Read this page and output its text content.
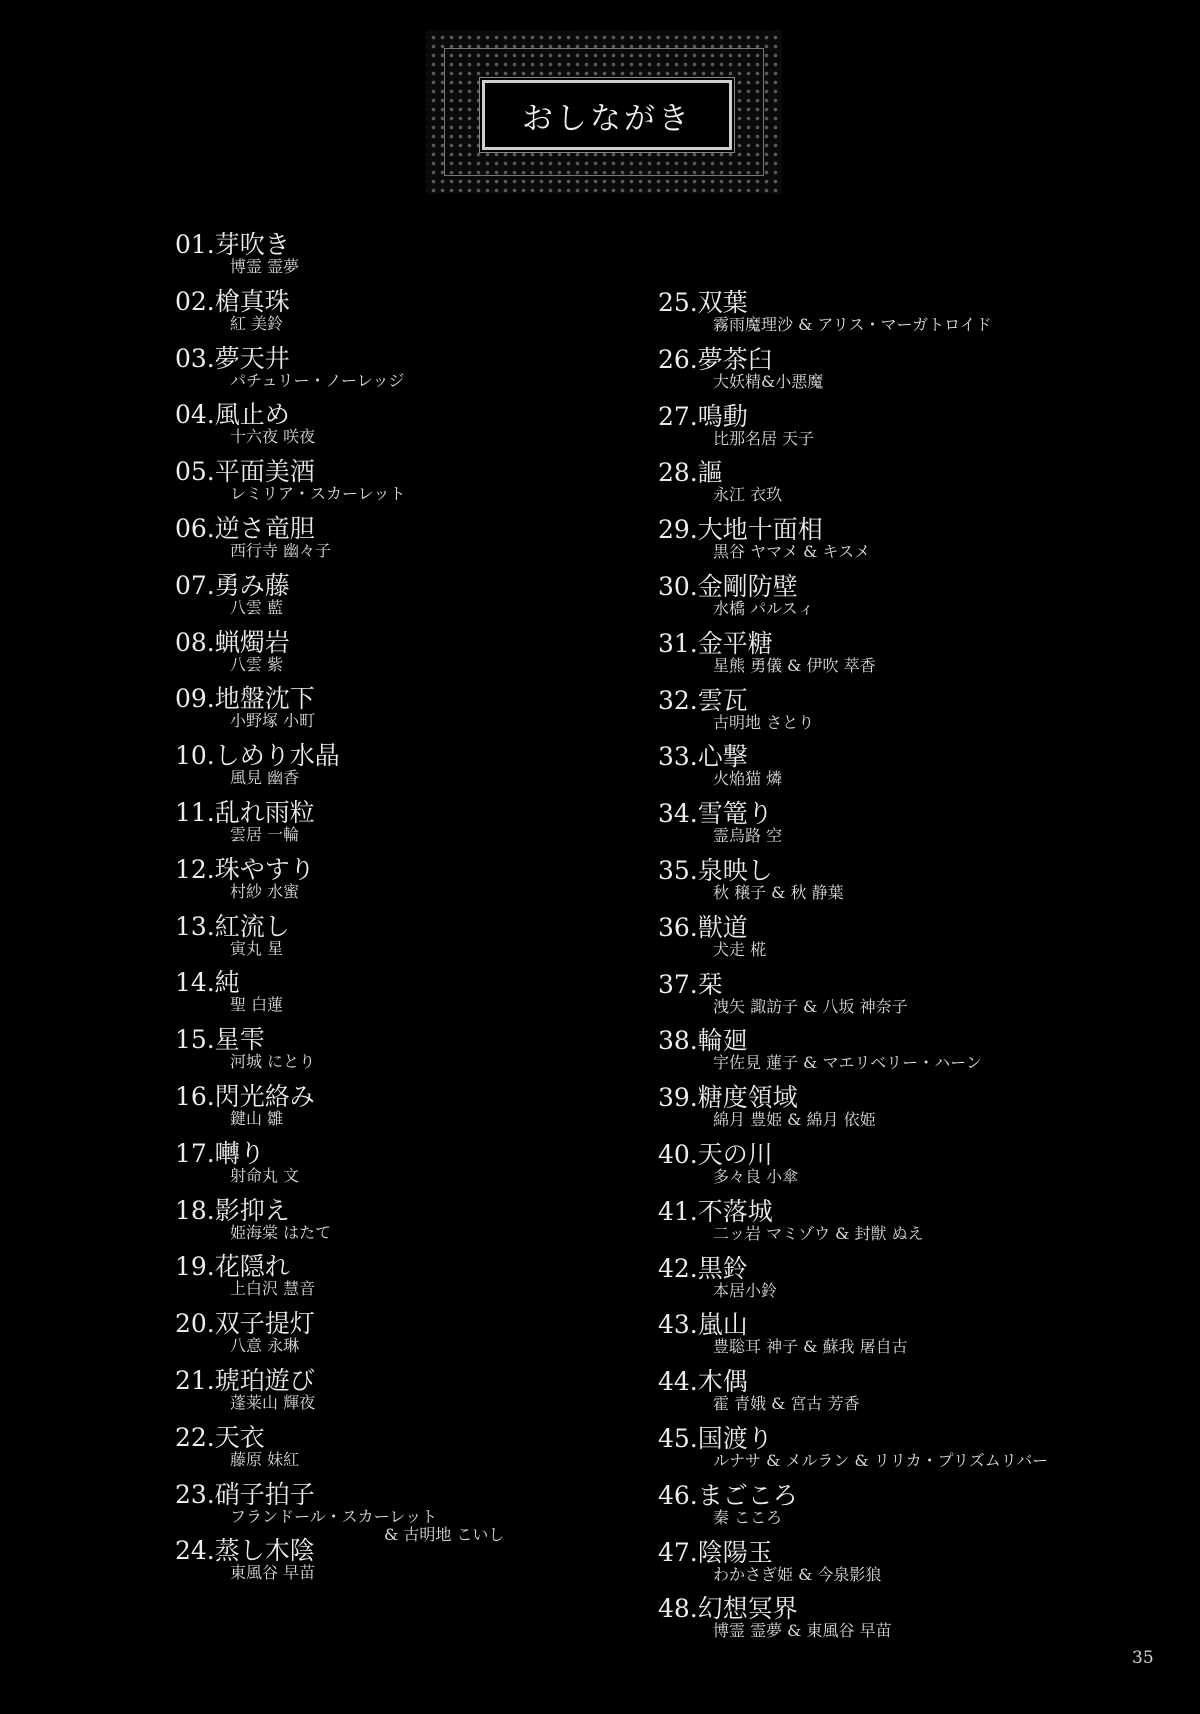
おしながき
01.芽吹き
博霊 霊夢
02.槍真珠
紅 美鈴
03.夢天井
パチュリー・ノーレッジ
04.風止め
十六夜 咲夜
05.平面美酒
レミリア・スカーレット
06.逆さ竜胆
西行寺 幽々子
07.勇み藤
八雲 藍
08.蝋燭岩
八雲 紫
09.地盤沈下
小野塚 小町
10.しめり水晶
風見 幽香
11.乱れ雨粒
雲居 一輪
12.珠やすり
村紗 水蜜
13.紅流し
寅丸 星
14.純
聖 白蓮
15.星雫
河城 にとり
16.閃光絡み
鍵山 雛
17.囀り
射命丸 文
18.影抑え
姫海棠 はたて
19.花隠れ
上白沢 慧音
20.双子提灯
八意 永琳
21.琥珀遊び
蓬莱山 輝夜
22.天衣
藤原 妹紅
23.硝子拍子
フランドール・スカーレット
& 古明地 こいし
24.蒸し木陰
東風谷 早苗
25.双葉
霧雨魔理沙 & アリス・マーガトロイド
26.夢茶臼
大妖精&小悪魔
27.鳴動
比那名居 天子
28.謳
永江 衣玖
29.大地十面相
黒谷 ヤマメ & キスメ
30.金剛防壁
水橋 パルスィ
31.金平糖
星熊 勇儀 & 伊吹 萃香
32.雲瓦
古明地 さとり
33.心撃
火焔猫 燐
34.雪篭り
霊烏路 空
35.泉映し
秋 穣子 & 秋 静葉
36.獣道
犬走 椛
37.栞
洩矢 諏訪子 & 八坂 神奈子
38.輪廻
宇佐見 蓮子 & マエリベリー・ハーン
39.糖度領域
綿月 豊姫 & 綿月 依姫
40.天の川
多々良 小傘
41.不落城
二ッ岩 マミゾウ & 封獣 ぬえ
42.黒鈴
本居小鈴
43.嵐山
豊聡耳 神子 & 蘇我 屠自古
44.木偶
霍 青娥 & 宮古 芳香
45.国渡り
ルナサ & メルラン & リリカ・プリズムリバー
46.まごころ
秦 こころ
47.陰陽玉
わかさぎ姫 & 今泉影狼
48.幻想冥界
博霊 霊夢 & 東風谷 早苗
35
